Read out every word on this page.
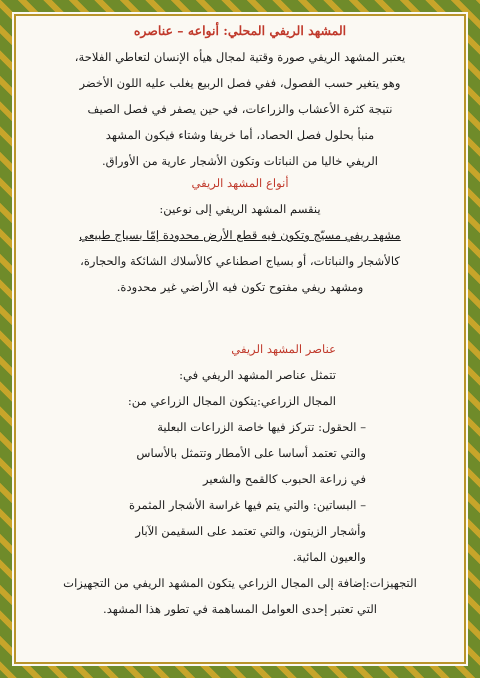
المشهد الريفي المحلي: أنواعه – عناصره
يعتبر المشهد الريفي صورة وقتية لمجال هيأه الإنسان لتعاطي الفلاحة،
وهو يتغير حسب الفصول، ففي فصل الربيع يغلب عليه اللون الأخضر
نتيجة كثرة الأعشاب والزراعات، في حين يصفر في فصل الصيف
منبأ بحلول فصل الحصاد، أما خريفا وشتاء فيكون المشهد
الريفي خاليا من النباتات وتكون الأشجار عارية من الأوراق.
أنواع المشهد الريفي
ينقسم المشهد الريفي إلى نوعين:
مشهد ريفي مسيّج وتكون فيه قطع الأرض محدودة إمّا بسياج طبيعي
كالأشجار والنباتات، أو بسياج اصطناعي كالأسلاك الشائكة والحجارة،
ومشهد ريفي مفتوح تكون فيه الأراضي غير محدودة.
عناصر المشهد الريفي
تتمثل عناصر المشهد الريفي في:
المجال الزراعي:يتكون المجال الزراعي من:
– الحقول: تتركز فيها خاصة الزراعات البعلية
والتي تعتمد أساسا على الأمطار وتتمثل بالأساس
في زراعة الحبوب كالقمح والشعير
– البساتين: والتي يتم فيها غراسة الأشجار المثمرة
وأشجار الزيتون، والتي تعتمد على السقيمن الآبار
والعيون المائية.
التجهيزات:إضافة إلى المجال الزراعي يتكون المشهد الريفي من التجهيزات
التي تعتبر إحدى العوامل المساهمة في تطور هذا المشهد.
